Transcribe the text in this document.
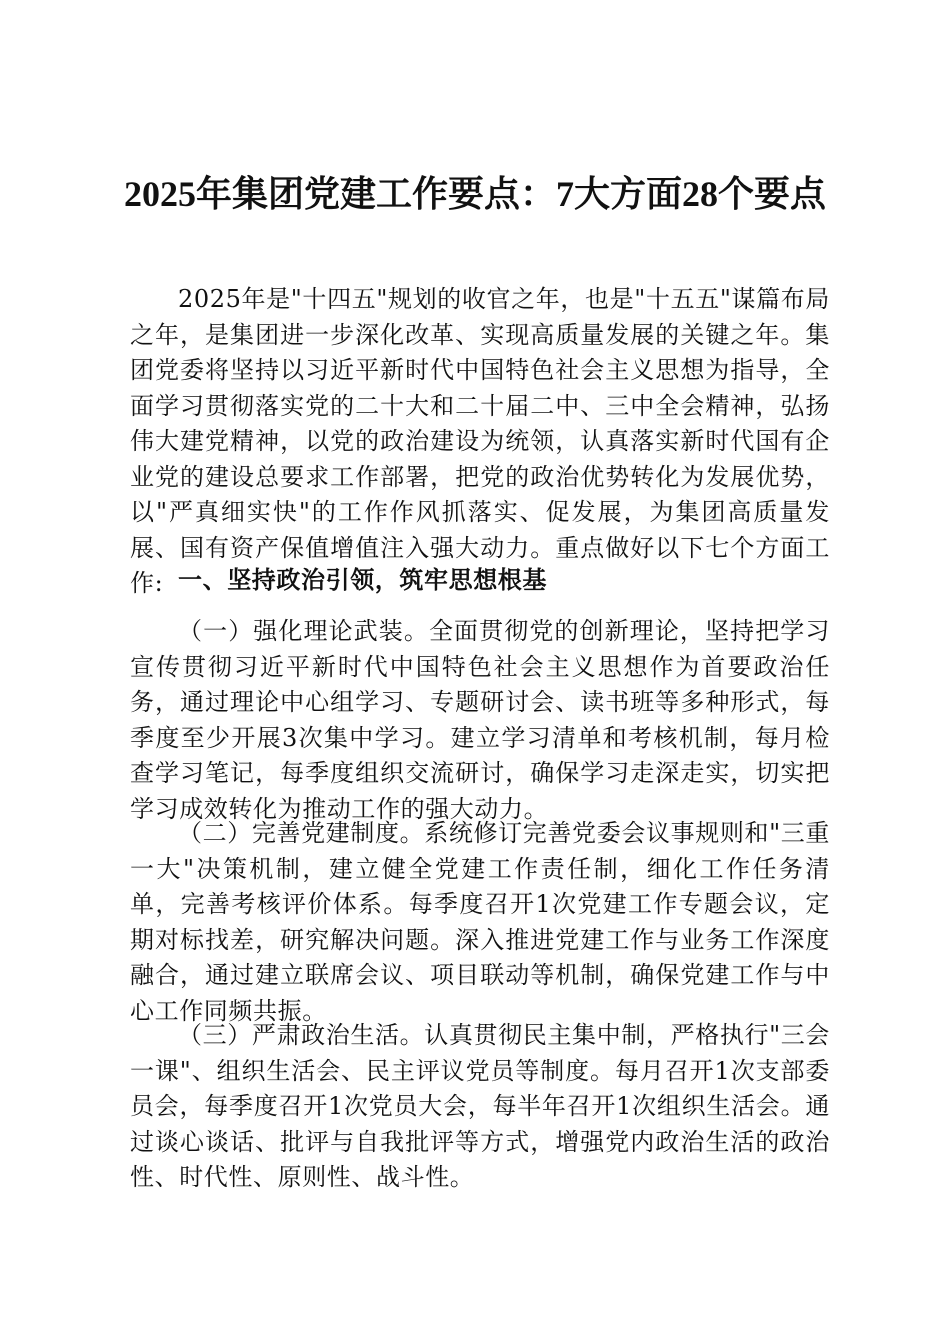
2025年集团党建工作要点：7大方面28个要点

2025年是"十四五"规划的收官之年，也是"十五五"谋篇布局之年，是集团进一步深化改革、实现高质量发展的关键之年。集团党委将坚持以习近平新时代中国特色社会主义思想为指导，全面学习贯彻落实党的二十大和二十届二中、三中全会精神，弘扬伟大建党精神，以党的政治建设为统领，认真落实新时代国有企业党的建设总要求工作部署，把党的政治优势转化为发展优势，以"严真细实快"的工作作风抓落实、促发展，为集团高质量发展、国有资产保值增值注入强大动力。重点做好以下七个方面工作: 一、坚持政治引领，筑牢思想根基

（一）强化理论武装。全面贯彻党的创新理论，坚持把学习宣传贯彻习近平新时代中国特色社会主义思想作为首要政治任务，通过理论中心组学习、专题研讨会、读书班等多种形式，每季度至少开展3次集中学习。建立学习清单和考核机制，每月检查学习笔记，每季度组织交流研讨，确保学习走深走实，切实把学习成效转化为推动工作的强大动力。

（二）完善党建制度。系统修订完善党委会议事规则和"三重一大"决策机制，建立健全党建工作责任制，细化工作任务清单，完善考核评价体系。每季度召开1次党建工作专题会议，定期对标找差，研究解决问题。深入推进党建工作与业务工作深度融合，通过建立联席会议、项目联动等机制，确保党建工作与中心工作同频共振。

（三）严肃政治生活。认真贯彻民主集中制，严格执行"三会一课"、组织生活会、民主评议党员等制度。每月召开1次支部委员会，每季度召开1次党员大会，每半年召开1次组织生活会。通过谈心谈话、批评与自我批评等方式，增强党内政治生活的政治性、时代性、原则性、战斗性。
